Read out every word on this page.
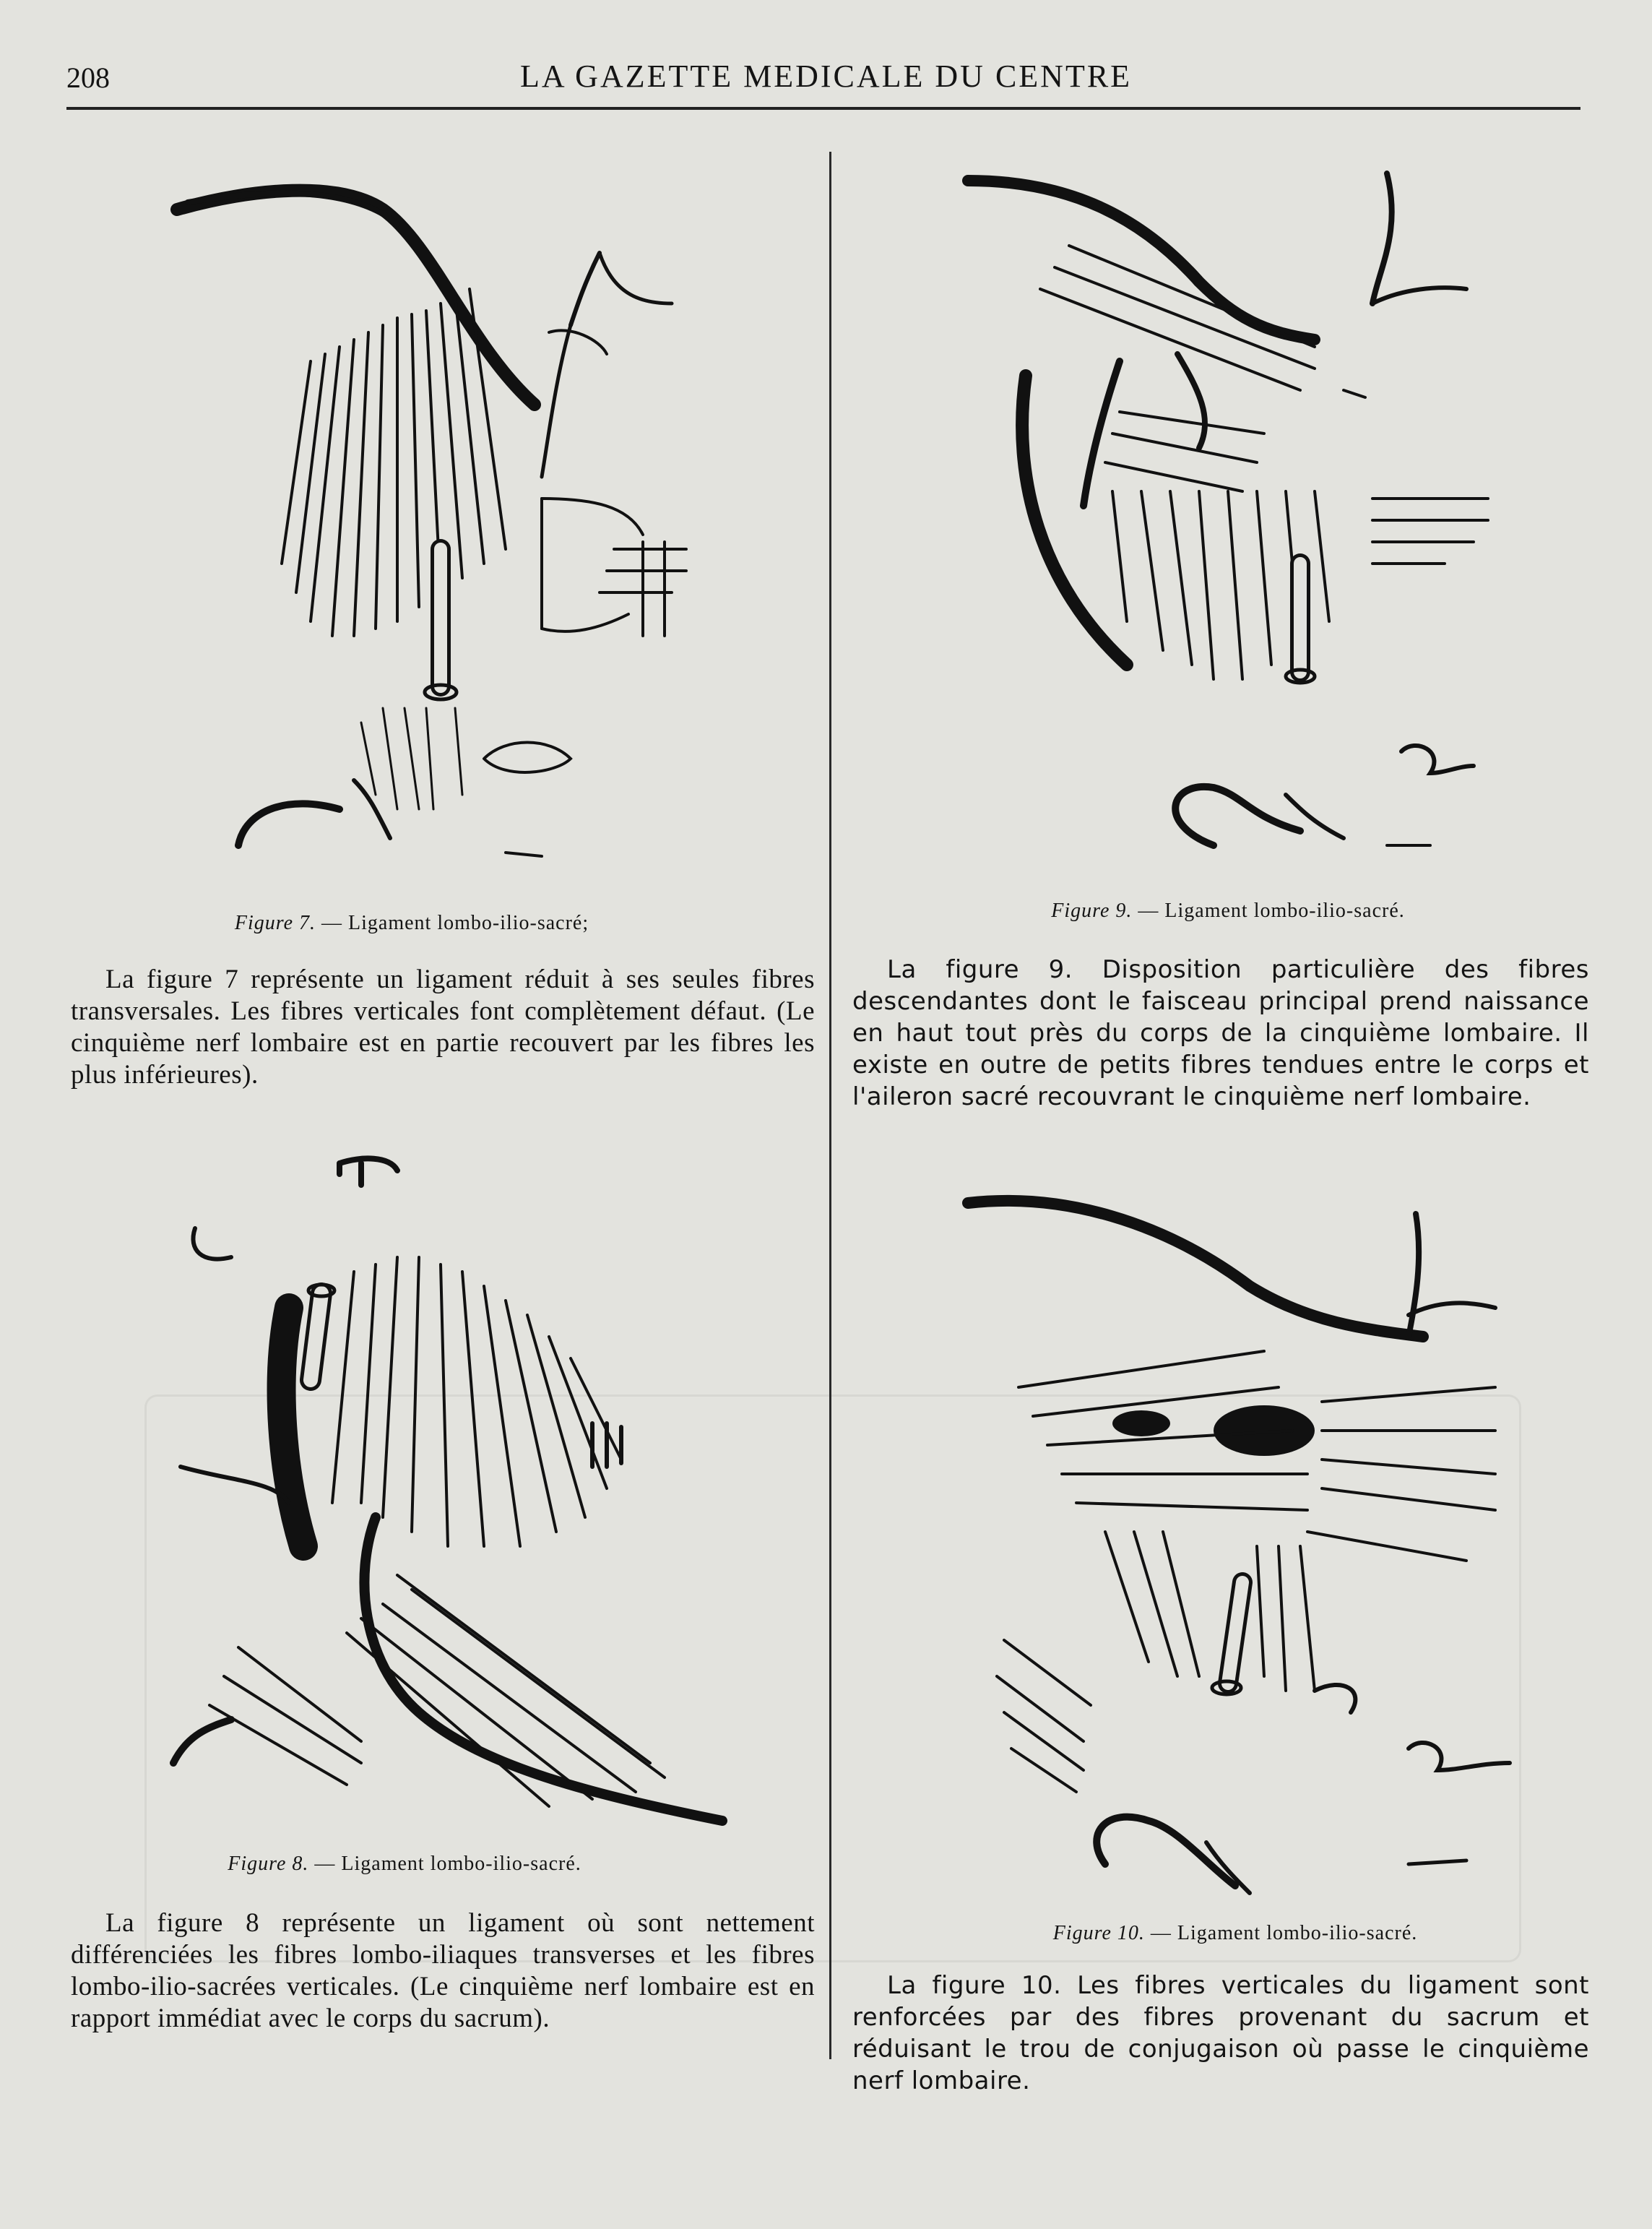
208	LA GAZETTE MEDICALE DU CENTRE
Figure 7. — Ligament lombo-ilio-sacré;

La figure 7 représente un ligament réduit à ses seules fibres transversales. Les fibres verticales font complètement défaut. (Le cinquième nerf lombaire est en partie recouvert par les fibres les plus inférieures).

Figure 8. — Ligament lombo-ilio-sacré.

La figure 8 représente un ligament où sont nettement différenciées les fibres lombo-iliaques transverses et les fibres lombo-ilio-sacrées verticales. (Le cinquième nerf lombaire est en rapport immédiat avec le corps du sacrum).

Figure 9. — Ligament lombo-ilio-sacré.

La figure 9. Disposition particulière des fibres descendantes dont le faisceau principal prend naissance en haut tout près du corps de la cinquième lombaire. Il existe en outre de petits fibres tendues entre le corps et l'aileron sacré recouvrant le cinquième nerf lombaire.

Figure 10. — Ligament lombo-ilio-sacré.

La figure 10. Les fibres verticales du ligament sont renforcées par des fibres provenant du sacrum et réduisant le trou de conjugaison où passe le cinquième nerf lombaire.
